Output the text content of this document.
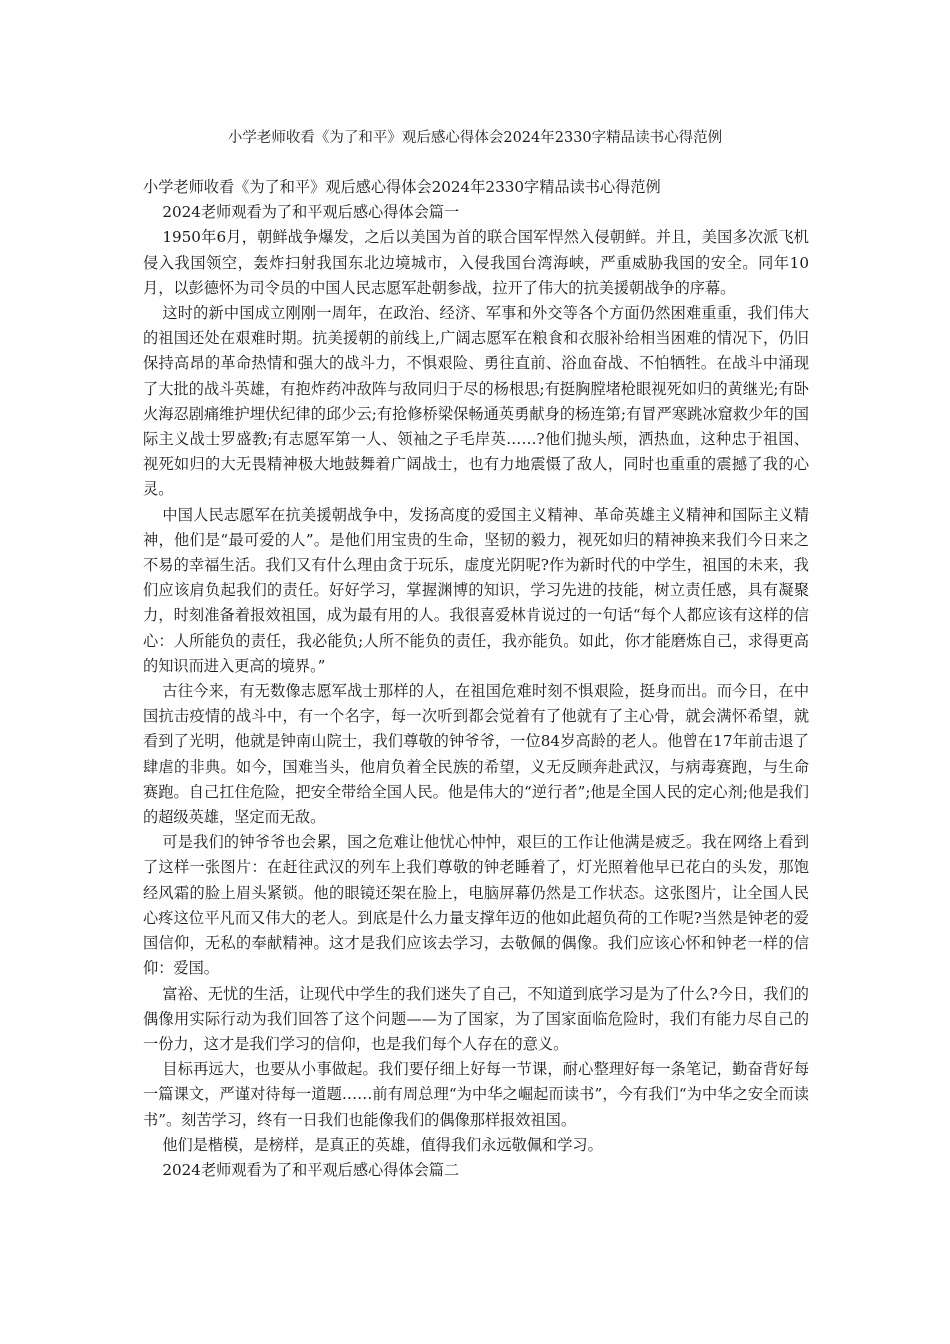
小学老师收看《为了和平》观后感心得体会2024年2330字精品读书心得范例

小学老师收看《为了和平》观后感心得体会2024年2330字精品读书心得范例

2024老师观看为了和平观后感心得体会篇一

1950年6月，朝鲜战争爆发，之后以美国为首的联合国军悍然入侵朝鲜。并且，美国多次派飞机侵入我国领空，轰炸扫射我国东北边境城市，入侵我国台湾海峡，严重威胁我国的安全。同年10月，以彭德怀为司令员的中国人民志愿军赴朝参战，拉开了伟大的抗美援朝战争的序幕。

这时的新中国成立刚刚一周年，在政治、经济、军事和外交等各个方面仍然困难重重，我们伟大的祖国还处在艰难时期。抗美援朝的前线上,广阔志愿军在粮食和衣服补给相当困难的情况下，仍旧保持高昂的革命热情和强大的战斗力，不惧艰险、勇往直前、浴血奋战、不怕牺牲。在战斗中涌现了大批的战斗英雄，有抱炸药冲敌阵与敌同归于尽的杨根思;有挺胸膛堵枪眼视死如归的黄继光;有卧火海忍剧痛维护埋伏纪律的邱少云;有抢修桥梁保畅通英勇献身的杨连第;有冒严寒跳冰窟救少年的国际主义战士罗盛教;有志愿军第一人、领袖之子毛岸英……?他们抛头颅，洒热血，这种忠于祖国、视死如归的大无畏精神极大地鼓舞着广阔战士，也有力地震慑了敌人，同时也重重的震撼了我的心灵。

中国人民志愿军在抗美援朝战争中，发扬高度的爱国主义精神、革命英雄主义精神和国际主义精神，他们是“最可爱的人”。是他们用宝贵的生命，坚韧的毅力，视死如归的精神换来我们今日来之不易的幸福生活。我们又有什么理由贪于玩乐，虚度光阴呢?作为新时代的中学生，祖国的未来，我们应该肩负起我们的责任。好好学习，掌握渊博的知识，学习先进的技能，树立责任感，具有凝聚力，时刻准备着报效祖国，成为最有用的人。我很喜爱林肯说过的一句话“每个人都应该有这样的信心：人所能负的责任，我必能负;人所不能负的责任，我亦能负。如此，你才能磨炼自己，求得更高的知识而进入更高的境界。”

古往今来，有无数像志愿军战士那样的人，在祖国危难时刻不惧艰险，挺身而出。而今日，在中国抗击疫情的战斗中，有一个名字，每一次听到都会觉着有了他就有了主心骨，就会满怀希望，就看到了光明，他就是钟南山院士，我们尊敬的钟爷爷，一位84岁高龄的老人。他曾在17年前击退了肆虐的非典。如今，国难当头，他肩负着全民族的希望，义无反顾奔赴武汉，与病毒赛跑，与生命赛跑。自己扛住危险，把安全带给全国人民。他是伟大的“逆行者”;他是全国人民的定心剂;他是我们的超级英雄，坚定而无敌。

可是我们的钟爷爷也会累，国之危难让他忧心忡忡，艰巨的工作让他满是疲乏。我在网络上看到了这样一张图片：在赶往武汉的列车上我们尊敬的钟老睡着了，灯光照着他早已花白的头发，那饱经风霜的脸上眉头紧锁。他的眼镜还架在脸上，电脑屏幕仍然是工作状态。这张图片，让全国人民心疼这位平凡而又伟大的老人。到底是什么力量支撑年迈的他如此超负荷的工作呢?当然是钟老的爱国信仰，无私的奉献精神。这才是我们应该去学习，去敬佩的偶像。我们应该心怀和钟老一样的信仰：爱国。

富裕、无忧的生活，让现代中学生的我们迷失了自己，不知道到底学习是为了什么?今日，我们的偶像用实际行动为我们回答了这个问题——为了国家，为了国家面临危险时，我们有能力尽自己的一份力，这才是我们学习的信仰，也是我们每个人存在的意义。

目标再远大，也要从小事做起。我们要仔细上好每一节课，耐心整理好每一条笔记，勤奋背好每一篇课文，严谨对待每一道题……前有周总理“为中华之崛起而读书”，今有我们“为中华之安全而读书”。刻苦学习，终有一日我们也能像我们的偶像那样报效祖国。

他们是楷模，是榜样，是真正的英雄，值得我们永远敬佩和学习。

2024老师观看为了和平观后感心得体会篇二
